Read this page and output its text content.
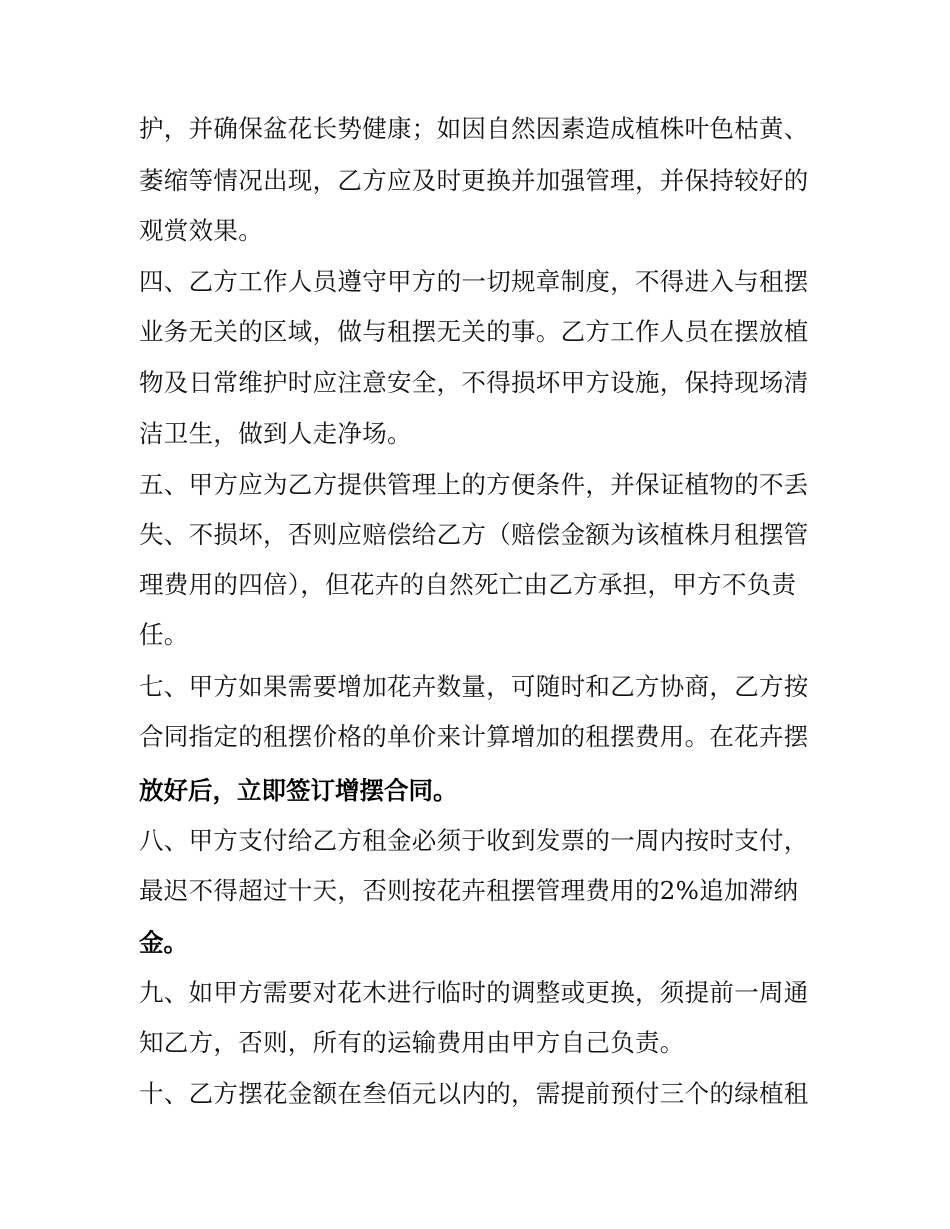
护，并确保盆花长势健康；如因自然因素造成植株叶色枯黄、
萎缩等情况出现，乙方应及时更换并加强管理，并保持较好的
观赏效果。
四、乙方工作人员遵守甲方的一切规章制度，不得进入与租摆
业务无关的区域，做与租摆无关的事。乙方工作人员在摆放植
物及日常维护时应注意安全，不得损坏甲方设施，保持现场清
洁卫生，做到人走净场。
五、甲方应为乙方提供管理上的方便条件，并保证植物的不丢
失、不损坏，否则应赔偿给乙方（赔偿金额为该植株月租摆管
理费用的四倍），但花卉的自然死亡由乙方承担，甲方不负责
任。
七、甲方如果需要增加花卉数量，可随时和乙方协商，乙方按
合同指定的租摆价格的单价来计算增加的租摆费用。在花卉摆
放好后，立即签订增摆合同。
八、甲方支付给乙方租金必须于收到发票的一周内按时支付，
最迟不得超过十天，否则按花卉租摆管理费用的2%追加滞纳
金。
九、如甲方需要对花木进行临时的调整或更换，须提前一周通
知乙方，否则，所有的运输费用由甲方自己负责。
十、乙方摆花金额在叁佰元以内的，需提前预付三个的绿植租
